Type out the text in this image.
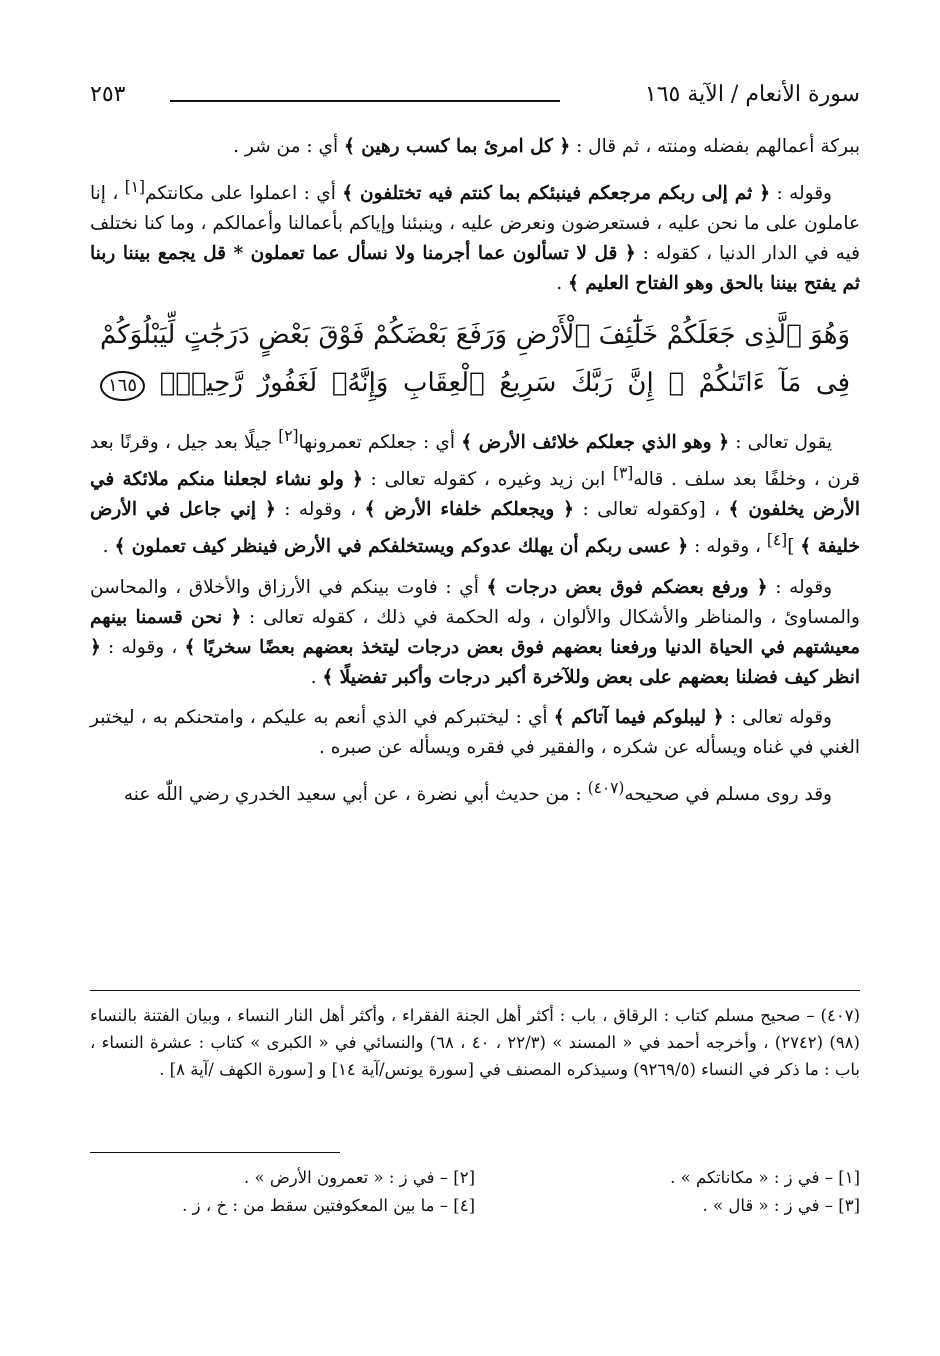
سورة الأنعام / الآية ١٦٥
٢٥٣

ببركة أعمالهم بفضله ومنته ، ثم قال : ﴿ كل امرئ بما كسب رهين ﴾ أي : من شر .

وقوله : ﴿ ثم إلى ربكم مرجعكم فينبئكم بما كنتم فيه تختلفون ﴾ أي : اعملوا على مكانتكم[١] ، إنا عاملون على ما نحن عليه ، فستعرضون ونعرض عليه ، وينبئنا وإياكم بأعمالنا وأعمالكم ، وما كنا نختلف فيه في الدار الدنيا ، كقوله : ﴿ قل لا تسألون عما أجرمنا ولا نسأل عما تعملون * قل يجمع بيننا ربنا ثم يفتح بيننا بالحق وهو الفتاح العليم ﴾ .

وَهُوَ ٱلَّذِى جَعَلَكُمْ خَلَٰٓئِفَ ٱلْأَرْضِ وَرَفَعَ بَعْضَكُمْ فَوْقَ بَعْضٍ دَرَجَٰتٍ لِّيَبْلُوَكُمْ فِى مَآ ءَاتَىٰكُمْ ۗ إِنَّ رَبَّكَ سَرِيعُ ٱلْعِقَابِ وَإِنَّهُۥ لَغَفُورٌ رَّحِيمٌۢ ١٦٥

يقول تعالى : ﴿ وهو الذي جعلكم خلائف الأرض ﴾ أي : جعلكم تعمرونها[٢] جيلًا بعد جيل ، وقرنًا بعد قرن ، وخلفًا بعد سلف . قاله[٣] ابن زيد وغيره ، كقوله تعالى : ﴿ ولو نشاء لجعلنا منكم ملائكة في الأرض يخلفون ﴾ ، [وكقوله تعالى : ﴿ ويجعلكم خلفاء الأرض ﴾ ، وقوله : ﴿ إني جاعل في الأرض خليفة ﴾ ][٤] ، وقوله : ﴿ عسى ربكم أن يهلك عدوكم ويستخلفكم في الأرض فينظر كيف تعملون ﴾ .

وقوله : ﴿ ورفع بعضكم فوق بعض درجات ﴾ أي : فاوت بينكم في الأرزاق والأخلاق ، والمحاسن والمساوئ ، والمناظر والأشكال والألوان ، وله الحكمة في ذلك ، كقوله تعالى : ﴿ نحن قسمنا بينهم معيشتهم في الحياة الدنيا ورفعنا بعضهم فوق بعض درجات ليتخذ بعضهم بعضًا سخريًا ﴾ ، وقوله : ﴿ انظر كيف فضلنا بعضهم على بعض وللآخرة أكبر درجات وأكبر تفضيلًا ﴾ .

وقوله تعالى : ﴿ ليبلوكم فيما آتاكم ﴾ أي : ليختبركم في الذي أنعم به عليكم ، وامتحنكم به ، ليختبر الغني في غناه ويسأله عن شكره ، والفقير في فقره ويسأله عن صبره .

وقد روى مسلم في صحيحه$^{(٤٠٧)}$ : من حديث أبي نضرة ، عن أبي سعيد الخدري رضي اللّٰه عنه

(٤٠٧) – صحيح مسلم كتاب : الرقاق ، باب : أكثر أهل الجنة الفقراء ، وأكثر أهل النار النساء ، وبيان الفتنة بالنساء (٩٨) (٢٧٤٢) ، وأخرجه أحمد في « المسند » (٢٢/٣ ، ٤٠ ، ٦٨) والنسائي في « الكبرى » كتاب : عشرة النساء ، باب : ما ذكر في النساء (٩٢٦٩/٥) وسيذكره المصنف في [سورة يونس/آية ١٤] و [سورة الكهف /آية ٨] .
[١] – في ز : « مكاناتكم » .
[٢] – في ز : « تعمرون الأرض » .
[٣] – في ز : « قال » .
[٤] – ما بين المعكوفتين سقط من : خ ، ز .
